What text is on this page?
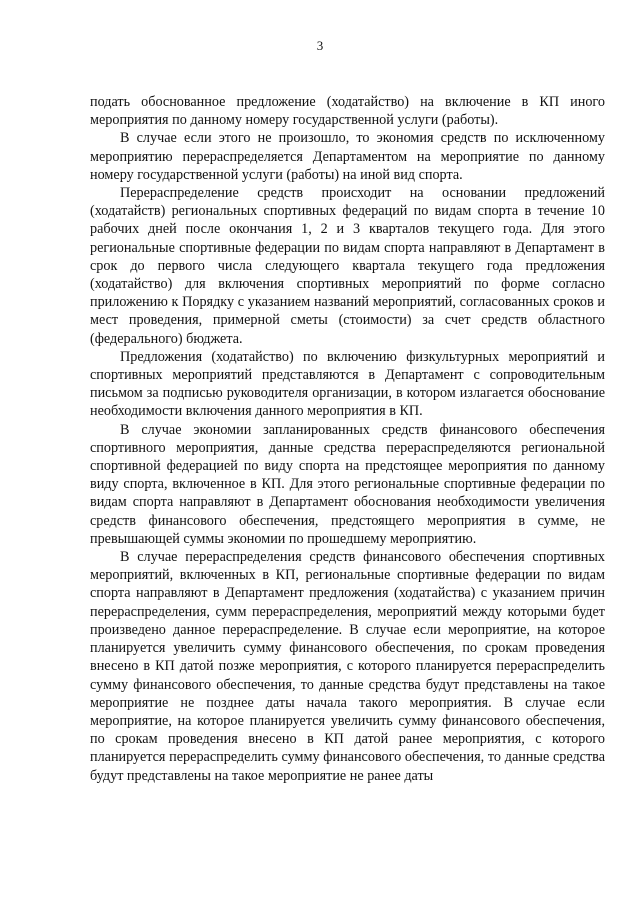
3

подать обоснованное предложение (ходатайство) на включение в КП иного мероприятия по данному номеру государственной услуги (работы).

В случае если этого не произошло, то экономия средств по исключенному мероприятию перераспределяется Департаментом на мероприятие по данному номеру государственной услуги (работы) на иной вид спорта.

Перераспределение средств происходит на основании предложений (ходатайств) региональных спортивных федераций по видам спорта в течение 10 рабочих дней после окончания 1, 2 и 3 кварталов текущего года. Для этого региональные спортивные федерации по видам спорта направляют в Департамент в срок до первого числа следующего квартала текущего года предложения (ходатайство) для включения спортивных мероприятий по форме согласно приложению к Порядку с указанием названий мероприятий, согласованных сроков и мест проведения, примерной сметы (стоимости) за счет средств областного (федерального) бюджета.

Предложения (ходатайство) по включению физкультурных мероприятий и спортивных мероприятий представляются в Департамент с сопроводительным письмом за подписью руководителя организации, в котором излагается обоснование необходимости включения данного мероприятия в КП.

В случае экономии запланированных средств финансового обеспечения спортивного мероприятия, данные средства перераспределяются региональной спортивной федерацией по виду спорта на предстоящее мероприятия по данному виду спорта, включенное в КП. Для этого региональные спортивные федерации по видам спорта направляют в Департамент обоснования необходимости увеличения средств финансового обеспечения, предстоящего мероприятия в сумме, не превышающей суммы экономии по прошедшему мероприятию.

В случае перераспределения средств финансового обеспечения спортивных мероприятий, включенных в КП, региональные спортивные федерации по видам спорта направляют в Департамент предложения (ходатайства) с указанием причин перераспределения, сумм перераспределения, мероприятий между которыми будет произведено данное перераспределение. В случае если мероприятие, на которое планируется увеличить сумму финансового обеспечения, по срокам проведения внесено в КП датой позже мероприятия, с которого планируется перераспределить сумму финансового обеспечения, то данные средства будут представлены на такое мероприятие не позднее даты начала такого мероприятия. В случае если мероприятие, на которое планируется увеличить сумму финансового обеспечения, по срокам проведения внесено в КП датой ранее мероприятия, с которого планируется перераспределить сумму финансового обеспечения, то данные средства будут представлены на такое мероприятие не ранее даты
